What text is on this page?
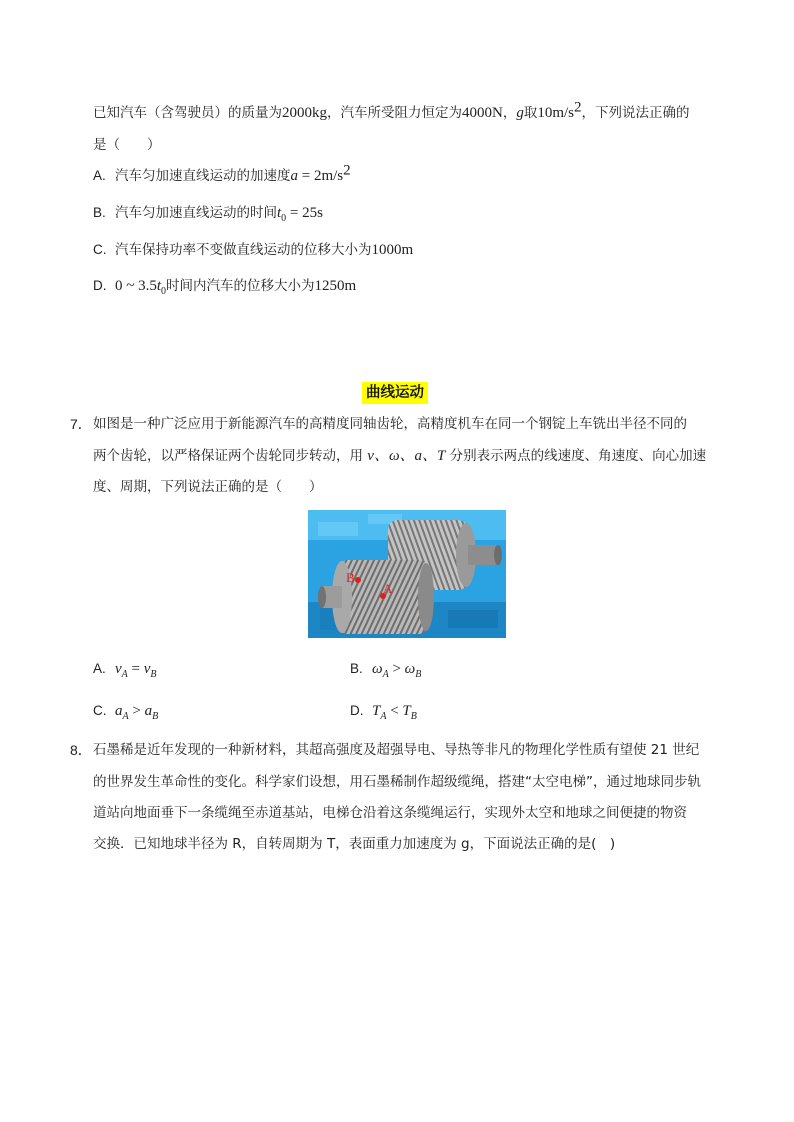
已知汽车（含驾驶员）的质量为2000kg，汽车所受阻力恒定为4000N，g取$10m/s^2$，下列说法正确的
是（　　）
A. 汽车匀加速直线运动的加速度$a = 2m/s^2$
B. 汽车匀加速直线运动的时间$t_0 = 25s$
C. 汽车保持功率不变做直线运动的位移大小为1000m
D. 0 ~ $3.5t_0$时间内汽车的位移大小为1250m
曲线运动
7． 如图是一种广泛应用于新能源汽车的高精度同轴齿轮，高精度机车在同一个钢锭上车铣出半径不同的
两个齿轮，以严格保证两个齿轮同步转动，用 v、ω、a、T 分别表示两点的线速度、角速度、向心加速
度、周期，下列说法正确的是（　　）
B
A
A. $v_A = v_B$	B. $\omega_A > \omega_B$
C. $a_A > a_B$	D. $T_A < T_B$
8． 石墨稀是近年发现的一种新材料，其超高强度及超强导电、导热等非凡的物理化学性质有望使 21 世纪
的世界发生革命性的变化。科学家们设想，用石墨稀制作超级缆绳，搭建“太空电梯”，通过地球同步轨
道站向地面垂下一条缆绳至赤道基站，电梯仓沿着这条缆绳运行，实现外太空和地球之间便捷的物资
交换．已知地球半径为 R，自转周期为 T，表面重力加速度为 g，下面说法正确的是(　)
